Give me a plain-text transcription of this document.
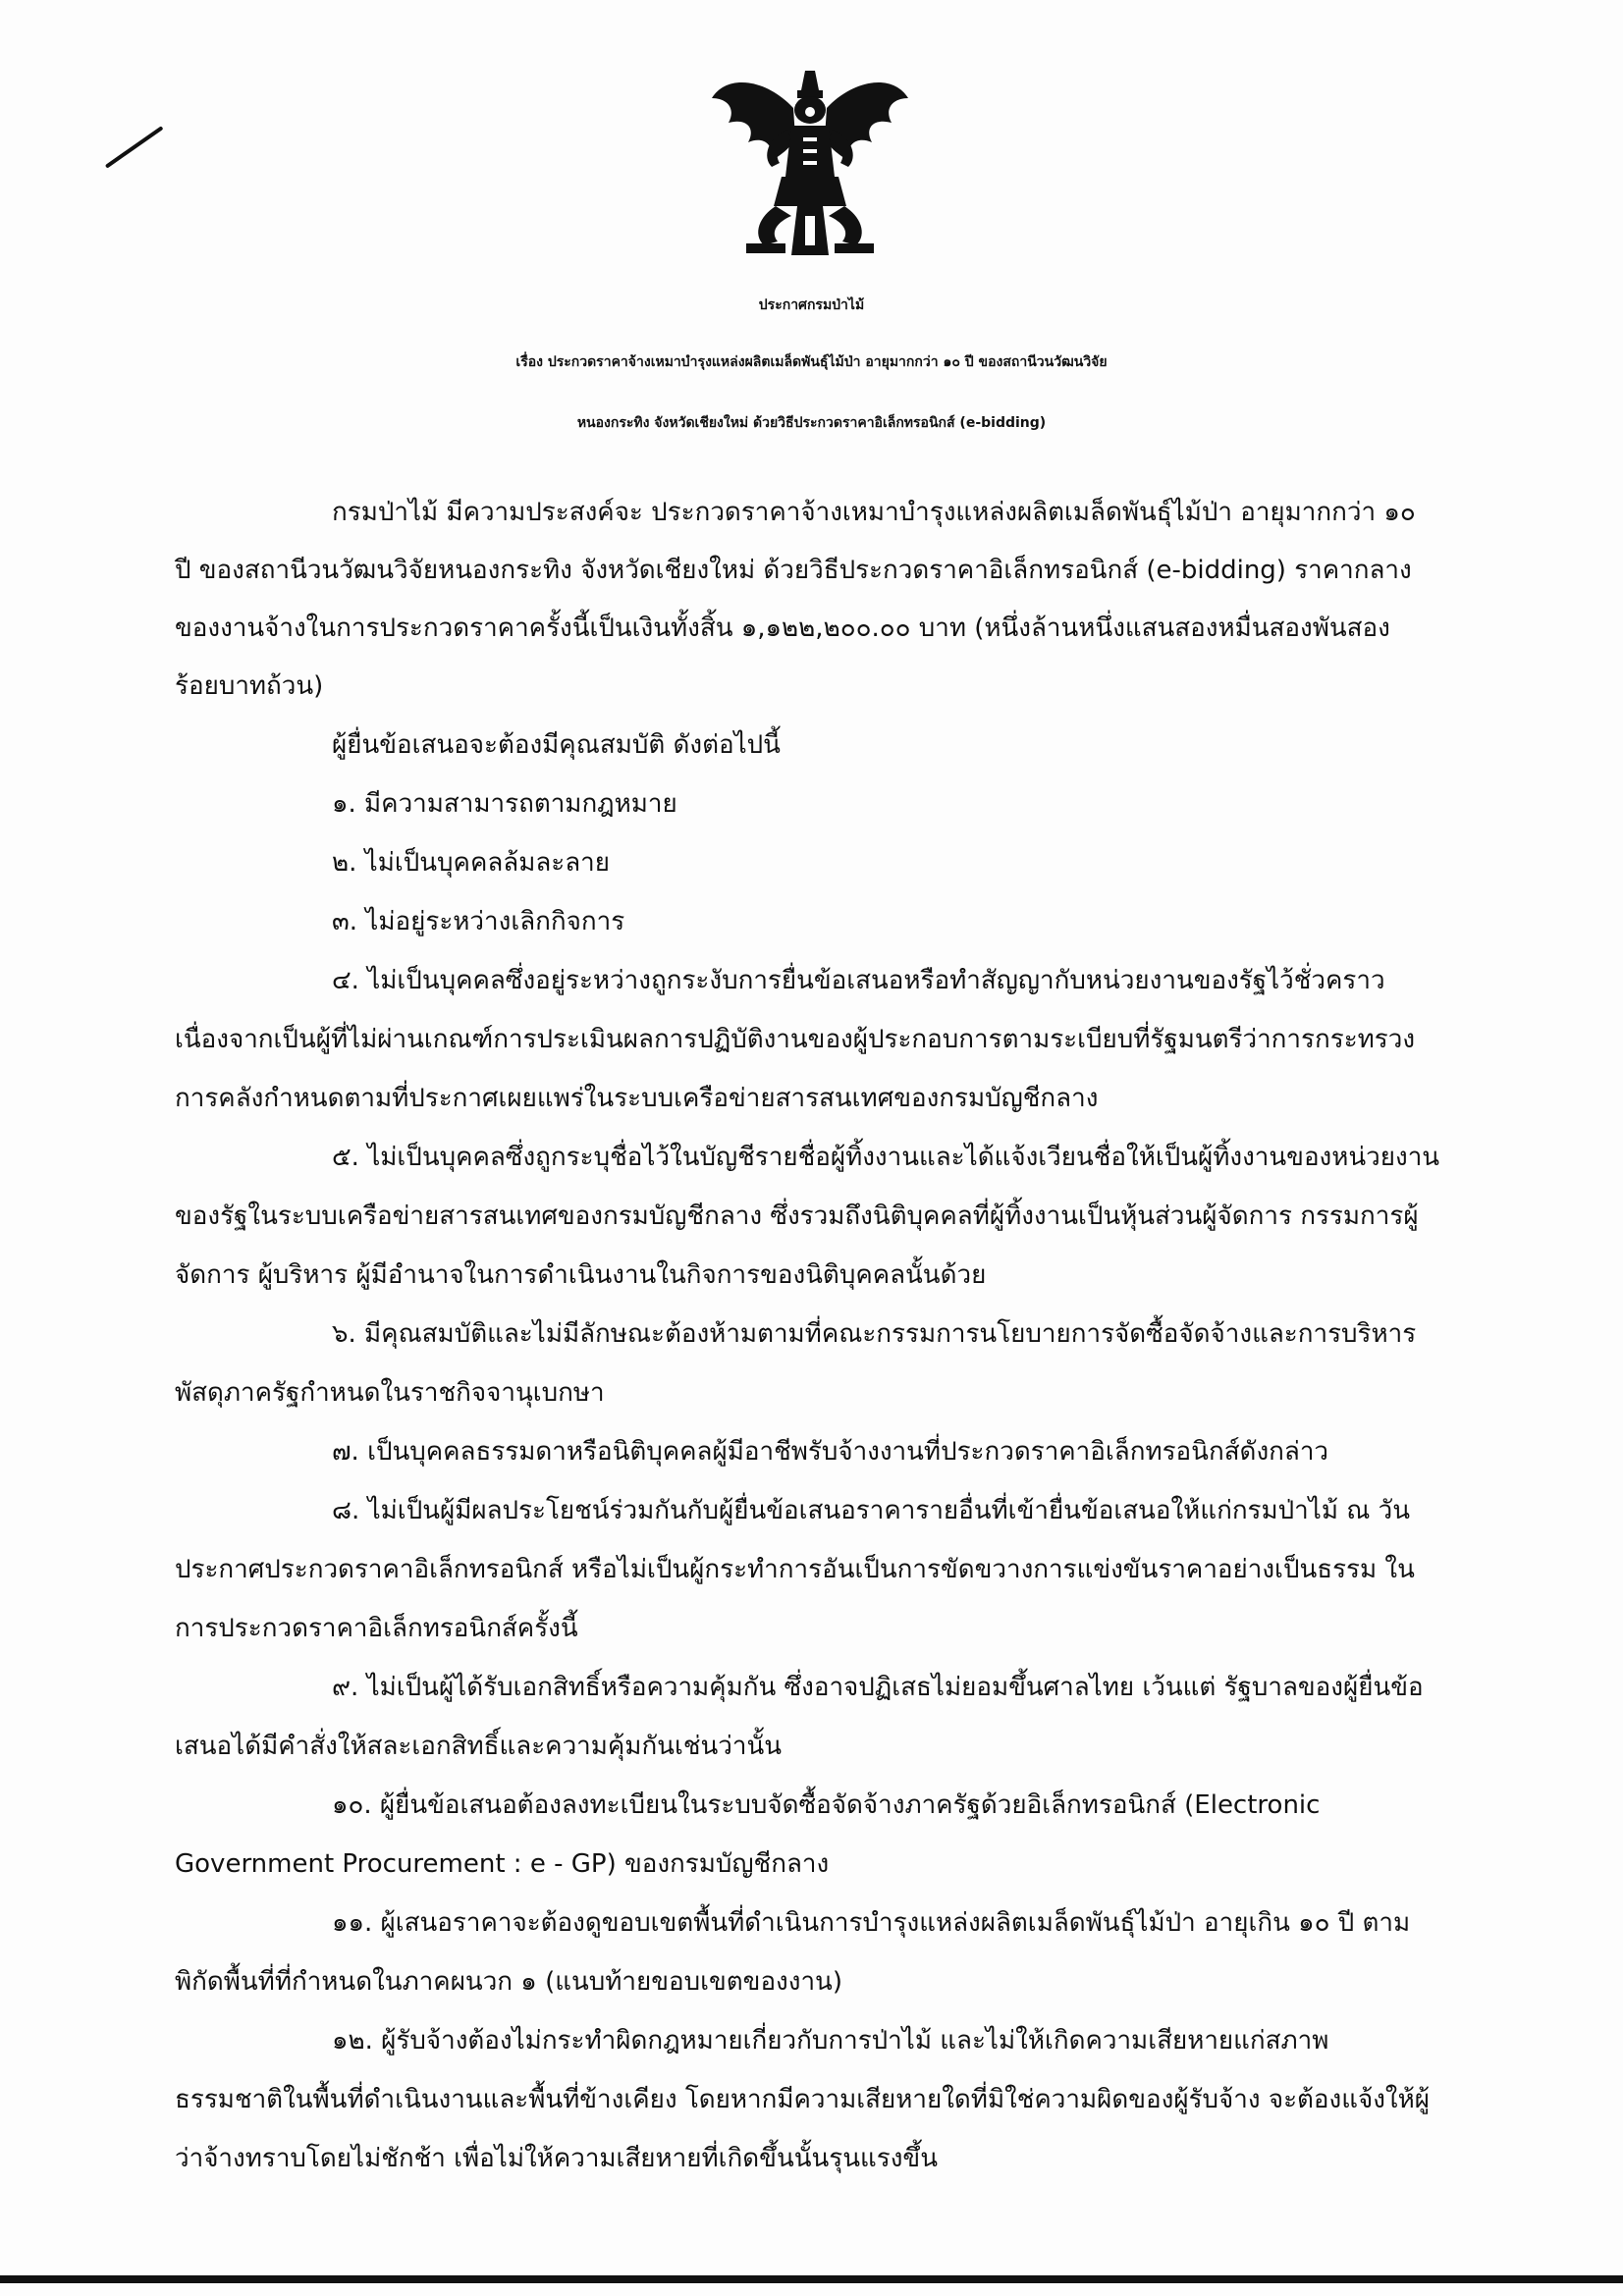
ประกาศกรมป่าไม้
เรื่อง ประกวดราคาจ้างเหมาบำรุงแหล่งผลิตเมล็ดพันธุ์ไม้ป่า อายุมากกว่า ๑๐ ปี ของสถานีวนวัฒนวิจัย
หนองกระทิง จังหวัดเชียงใหม่ ด้วยวิธีประกวดราคาอิเล็กทรอนิกส์ (e-bidding)
กรมป่าไม้ มีความประสงค์จะ ประกวดราคาจ้างเหมาบำรุงแหล่งผลิตเมล็ดพันธุ์ไม้ป่า อายุมากกว่า ๑๐
ปี ของสถานีวนวัฒนวิจัยหนองกระทิง จังหวัดเชียงใหม่ ด้วยวิธีประกวดราคาอิเล็กทรอนิกส์ (e-bidding) ราคากลาง
ของงานจ้างในการประกวดราคาครั้งนี้เป็นเงินทั้งสิ้น ๑,๑๒๒,๒๐๐.๐๐ บาท (หนึ่งล้านหนึ่งแสนสองหมื่นสองพันสอง
ร้อยบาทถ้วน)
ผู้ยื่นข้อเสนอจะต้องมีคุณสมบัติ ดังต่อไปนี้
๑. มีความสามารถตามกฎหมาย
๒. ไม่เป็นบุคคลล้มละลาย
๓. ไม่อยู่ระหว่างเลิกกิจการ
๔. ไม่เป็นบุคคลซึ่งอยู่ระหว่างถูกระงับการยื่นข้อเสนอหรือทำสัญญากับหน่วยงานของรัฐไว้ชั่วคราว
เนื่องจากเป็นผู้ที่ไม่ผ่านเกณฑ์การประเมินผลการปฏิบัติงานของผู้ประกอบการตามระเบียบที่รัฐมนตรีว่าการกระทรวง
การคลังกำหนดตามที่ประกาศเผยแพร่ในระบบเครือข่ายสารสนเทศของกรมบัญชีกลาง
๕. ไม่เป็นบุคคลซึ่งถูกระบุชื่อไว้ในบัญชีรายชื่อผู้ทิ้งงานและได้แจ้งเวียนชื่อให้เป็นผู้ทิ้งงานของหน่วยงาน
ของรัฐในระบบเครือข่ายสารสนเทศของกรมบัญชีกลาง ซึ่งรวมถึงนิติบุคคลที่ผู้ทิ้งงานเป็นหุ้นส่วนผู้จัดการ กรรมการผู้
จัดการ ผู้บริหาร ผู้มีอำนาจในการดำเนินงานในกิจการของนิติบุคคลนั้นด้วย
๖. มีคุณสมบัติและไม่มีลักษณะต้องห้ามตามที่คณะกรรมการนโยบายการจัดซื้อจัดจ้างและการบริหาร
พัสดุภาครัฐกำหนดในราชกิจจานุเบกษา
๗. เป็นบุคคลธรรมดาหรือนิติบุคคลผู้มีอาชีพรับจ้างงานที่ประกวดราคาอิเล็กทรอนิกส์ดังกล่าว
๘. ไม่เป็นผู้มีผลประโยชน์ร่วมกันกับผู้ยื่นข้อเสนอราคารายอื่นที่เข้ายื่นข้อเสนอให้แก่กรมป่าไม้ ณ วัน
ประกาศประกวดราคาอิเล็กทรอนิกส์ หรือไม่เป็นผู้กระทำการอันเป็นการขัดขวางการแข่งขันราคาอย่างเป็นธรรม ใน
การประกวดราคาอิเล็กทรอนิกส์ครั้งนี้
๙. ไม่เป็นผู้ได้รับเอกสิทธิ์หรือความคุ้มกัน ซึ่งอาจปฏิเสธไม่ยอมขึ้นศาลไทย เว้นแต่ รัฐบาลของผู้ยื่นข้อ
เสนอได้มีคำสั่งให้สละเอกสิทธิ์และความคุ้มกันเช่นว่านั้น
๑๐. ผู้ยื่นข้อเสนอต้องลงทะเบียนในระบบจัดซื้อจัดจ้างภาครัฐด้วยอิเล็กทรอนิกส์ (Electronic
Government Procurement : e - GP) ของกรมบัญชีกลาง
๑๑. ผู้เสนอราคาจะต้องดูขอบเขตพื้นที่ดำเนินการบำรุงแหล่งผลิตเมล็ดพันธุ์ไม้ป่า อายุเกิน ๑๐ ปี ตาม
พิกัดพื้นที่ที่กำหนดในภาคผนวก ๑ (แนบท้ายขอบเขตของงาน)
๑๒. ผู้รับจ้างต้องไม่กระทำผิดกฎหมายเกี่ยวกับการป่าไม้ และไม่ให้เกิดความเสียหายแก่สภาพ
ธรรมชาติในพื้นที่ดำเนินงานและพื้นที่ข้างเคียง โดยหากมีความเสียหายใดที่มิใช่ความผิดของผู้รับจ้าง จะต้องแจ้งให้ผู้
ว่าจ้างทราบโดยไม่ชักช้า เพื่อไม่ให้ความเสียหายที่เกิดขึ้นนั้นรุนแรงขึ้น
